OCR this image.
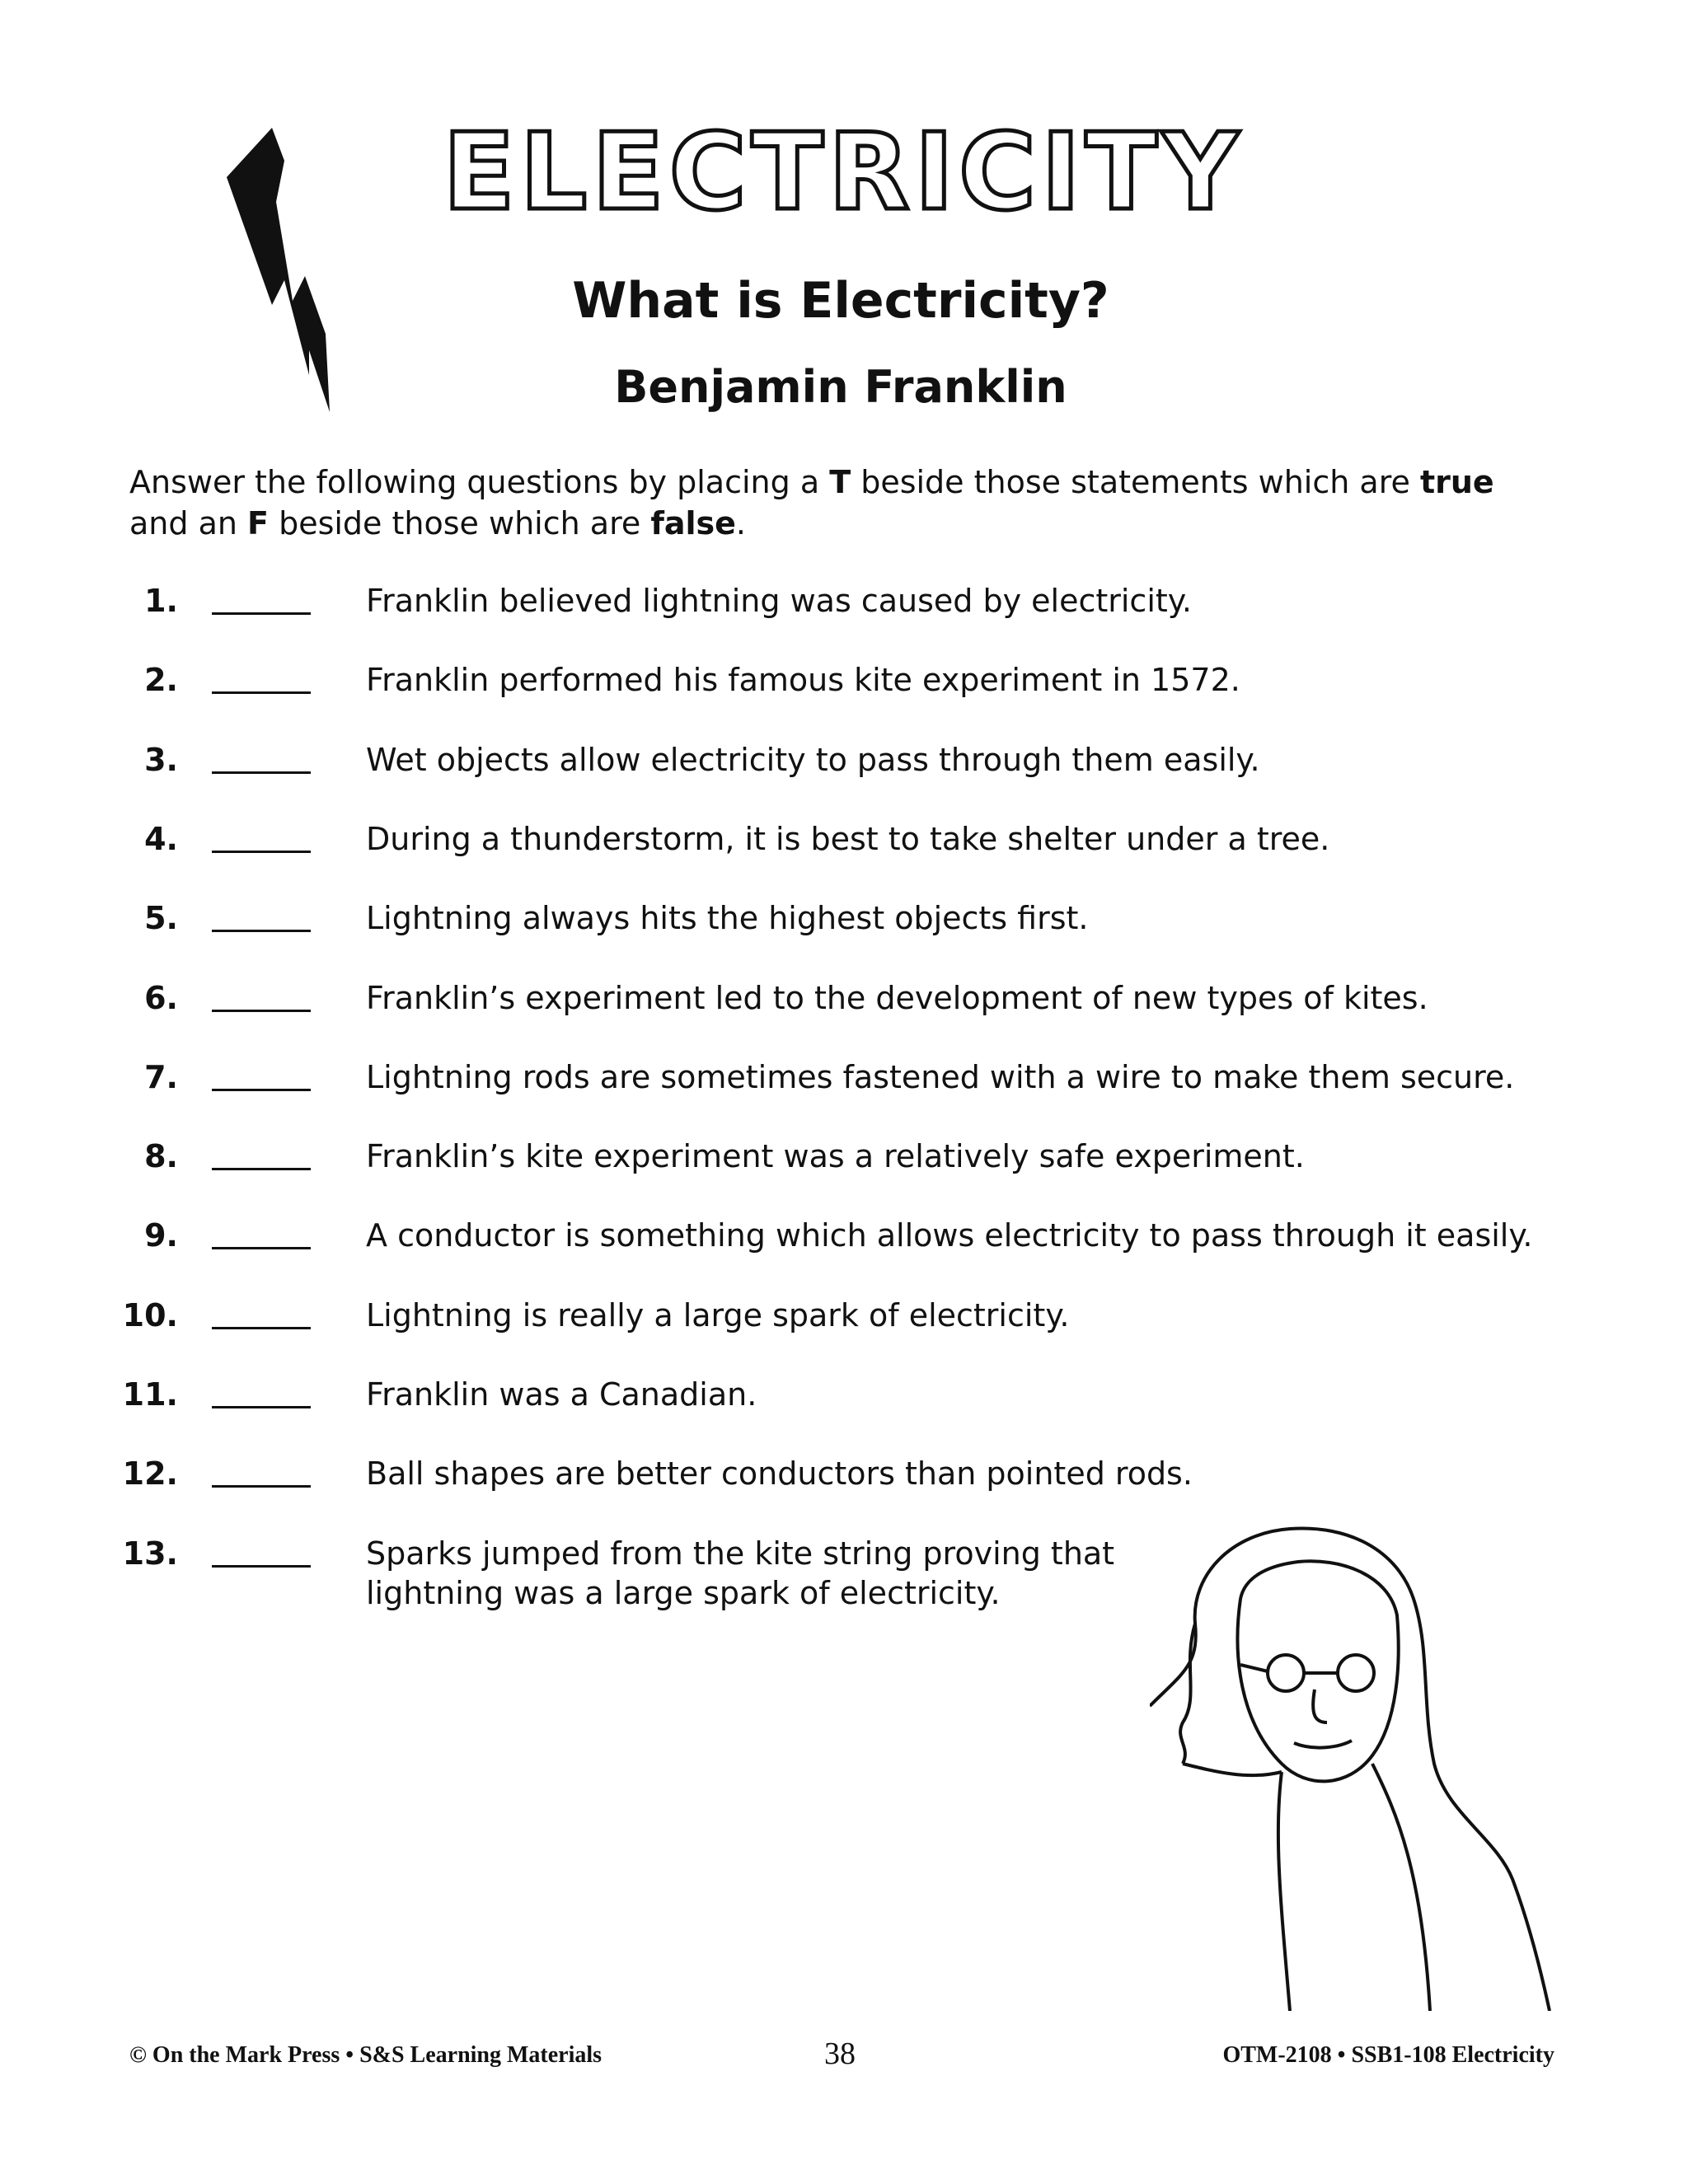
ELECTRICITY
What is Electricity?
Benjamin Franklin
Answer the following questions by placing a T beside those statements which are true
and an F beside those which are false.
1.	Franklin believed lightning was caused by electricity.
2.	Franklin performed his famous kite experiment in 1572.
3.	Wet objects allow electricity to pass through them easily.
4.	During a thunderstorm, it is best to take shelter under a tree.
5.	Lightning always hits the highest objects first.
6.	Franklin’s experiment led to the development of new types of kites.
7.	Lightning rods are sometimes fastened with a wire to make them secure.
8.	Franklin’s kite experiment was a relatively safe experiment.
9.	A conductor is something which allows electricity to pass through it easily.
10.	Lightning is really a large spark of electricity.
11.	Franklin was a Canadian.
12.	Ball shapes are better conductors than pointed rods.
13.	Sparks jumped from the kite string proving that
lightning was a large spark of electricity.
© On the Mark Press • S&S Learning Materials	38	OTM-2108 • SSB1-108 Electricity
